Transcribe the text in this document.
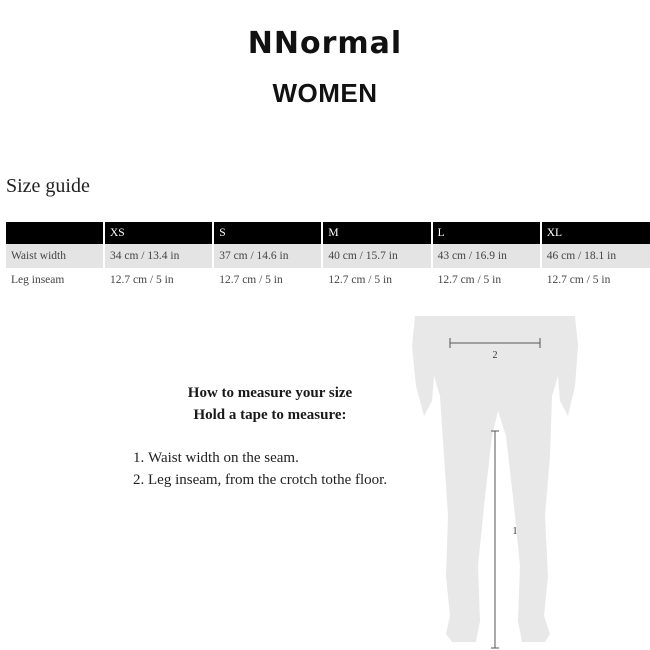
NNormal
WOMEN
Size guide
	XS	S	M	L	XL
Waist width	34 cm / 13.4 in	37 cm / 14.6 in	40 cm / 15.7 in	43 cm / 16.9 in	46 cm / 18.1 in
Leg inseam	12.7 cm / 5 in	12.7 cm / 5 in	12.7 cm / 5 in	12.7 cm / 5 in	12.7 cm / 5 in
How to measure your size
Hold a tape to measure:
1. Waist width on the seam.
2. Leg inseam, from the crotch tothe floor.
2
1
